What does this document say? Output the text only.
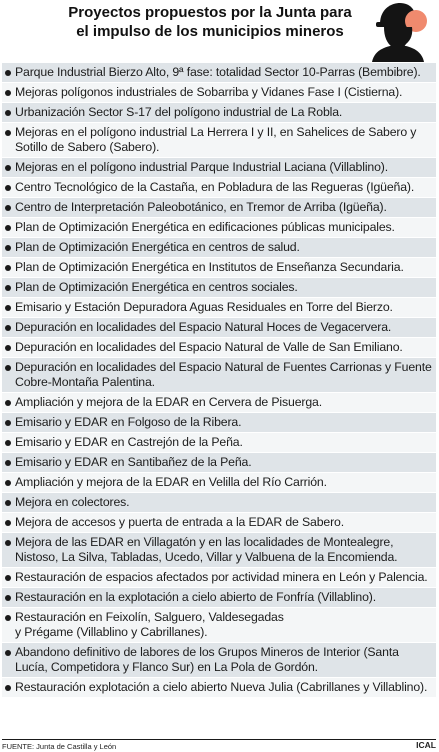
Proyectos propuestos por la Junta para
el impulso de los municipios mineros
Parque Industrial Bierzo Alto, 9ª fase: totalidad Sector 10-Parras (Bembibre).
Mejoras polígonos industriales de Sobarriba y Vidanes Fase I (Cistierna).
Urbanización Sector S-17 del polígono industrial de La Robla.
Mejoras en el polígono industrial La Herrera I y II, en Sahelices de Sabero y Sotillo de Sabero (Sabero).
Mejoras en el polígono industrial Parque Industrial Laciana (Villablino).
Centro Tecnológico de la Castaña, en Pobladura de las Regueras (Igüeña).
Centro de Interpretación Paleobotánico, en Tremor de Arriba (Igüeña).
Plan de Optimización Energética en edificaciones públicas municipales.
Plan de Optimización Energética en centros de salud.
Plan de Optimización Energética en Institutos de Enseñanza Secundaria.
Plan de Optimización Energética en centros sociales.
Emisario y Estación Depuradora Aguas Residuales en Torre del Bierzo.
Depuración en localidades del Espacio Natural Hoces de Vegacervera.
Depuración en localidades del Espacio Natural de Valle de San Emiliano.
Depuración en localidades del Espacio Natural de Fuentes Carrionas y Fuente Cobre-Montaña Palentina.
Ampliación y mejora de la EDAR en Cervera de Pisuerga.
Emisario y EDAR en Folgoso de la Ribera.
Emisario y EDAR en Castrejón de la Peña.
Emisario y EDAR en Santibañez de la Peña.
Ampliación y mejora de la EDAR en Velilla del Río Carrión.
Mejora en colectores.
Mejora de accesos y puerta de entrada a la EDAR de Sabero.
Mejora de las EDAR en Villagatón y en las localidades de Montealegre, Nistoso, La Silva, Tabladas, Ucedo, Villar y Valbuena de la Encomienda.
Restauración de espacios afectados por actividad minera en León y Palencia.
Restauración en la explotación a cielo abierto de Fonfría (Villablino).
Restauración en Feixolín, Salguero, Valdesegadas
y Prégame (Villablino y Cabrillanes).
Abandono definitivo de labores de los Grupos Mineros de Interior (Santa Lucía, Competidora y Flanco Sur) en La Pola de Gordón.
Restauración explotación a cielo abierto Nueva Julia (Cabrillanes y Villablino).
FUENTE: Junta de Castilla y León	ICAL
